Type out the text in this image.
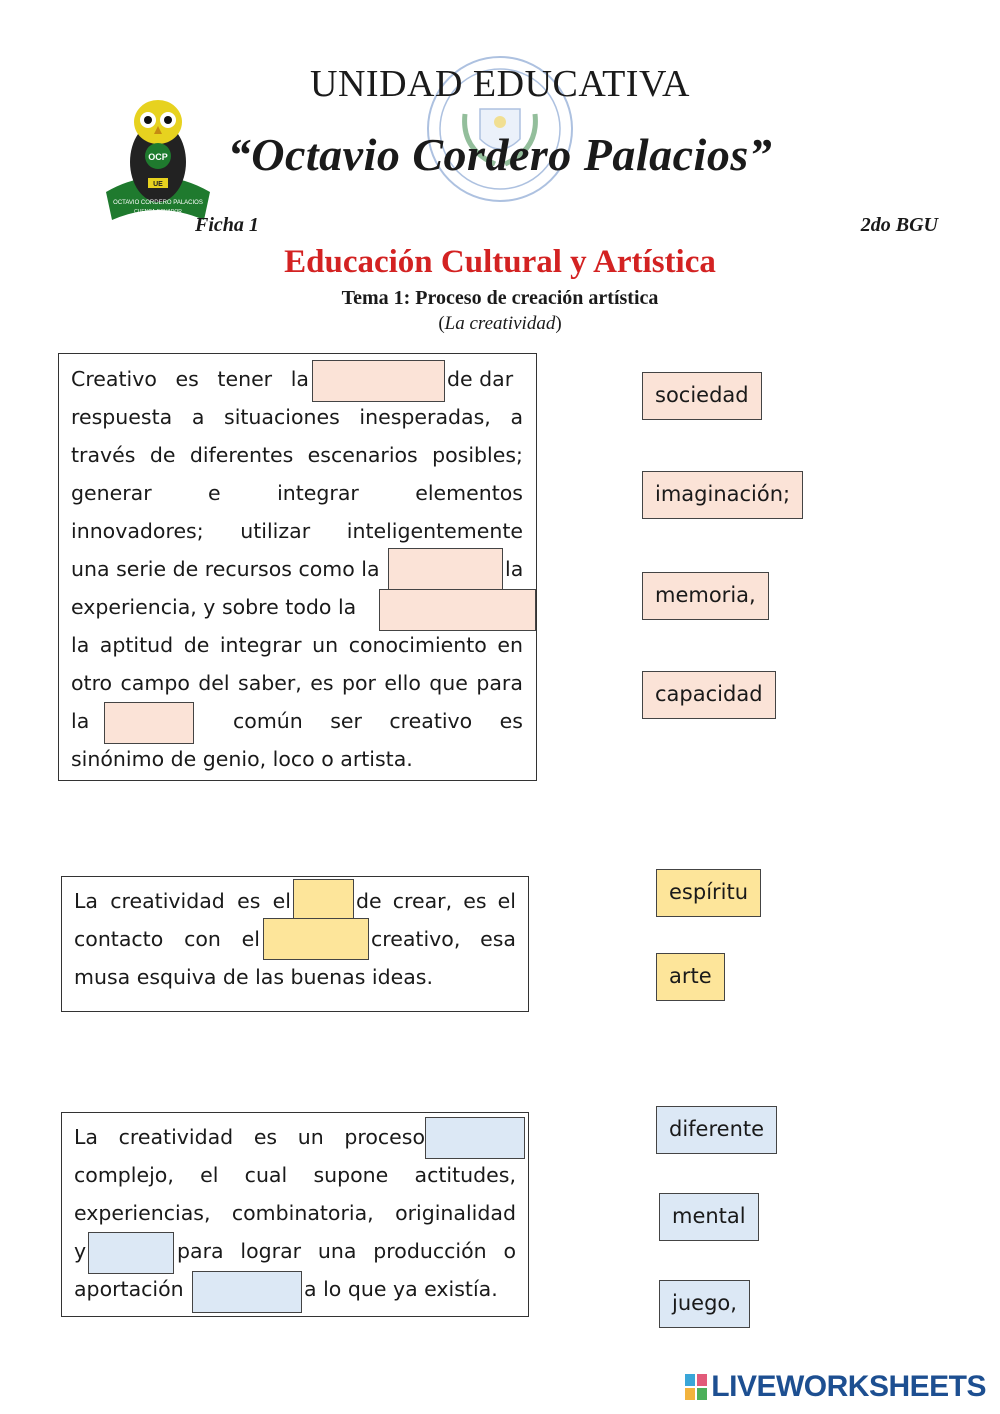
OCP
UE
OCTAVIO CORDERO PALACIOS
CUENCA-ECUADOR
UNIDAD EDUCATIVA
“Octavio Cordero Palacios”
Ficha 1	2do BGU
Educación Cultural y Artística
Tema 1: Proceso de creación artística
(La creatividad)
Creativo es tener la	de dar
respuesta a situaciones inesperadas, a
través de diferentes escenarios posibles;
generar	e	integrar	elementos
innovadores; utilizar inteligentemente
una serie de recursos como la	la
experiencia, y sobre todo la
la aptitud de integrar un conocimiento en
otro campo del saber, es por ello que para
la	común ser creativo es
sinónimo de genio, loco o artista.
sociedad
imaginación;
memoria,
capacidad
La creatividad es el	de crear, es el
contacto con el	creativo, esa
musa esquiva de las buenas ideas.
espíritu
arte
La creatividad es un proceso
complejo, el cual supone actitudes,
experiencias, combinatoria, originalidad
y	para lograr una producción o
aportación	a lo que ya existía.
diferente
mental
juego,
LIVEWORKSHEETS
